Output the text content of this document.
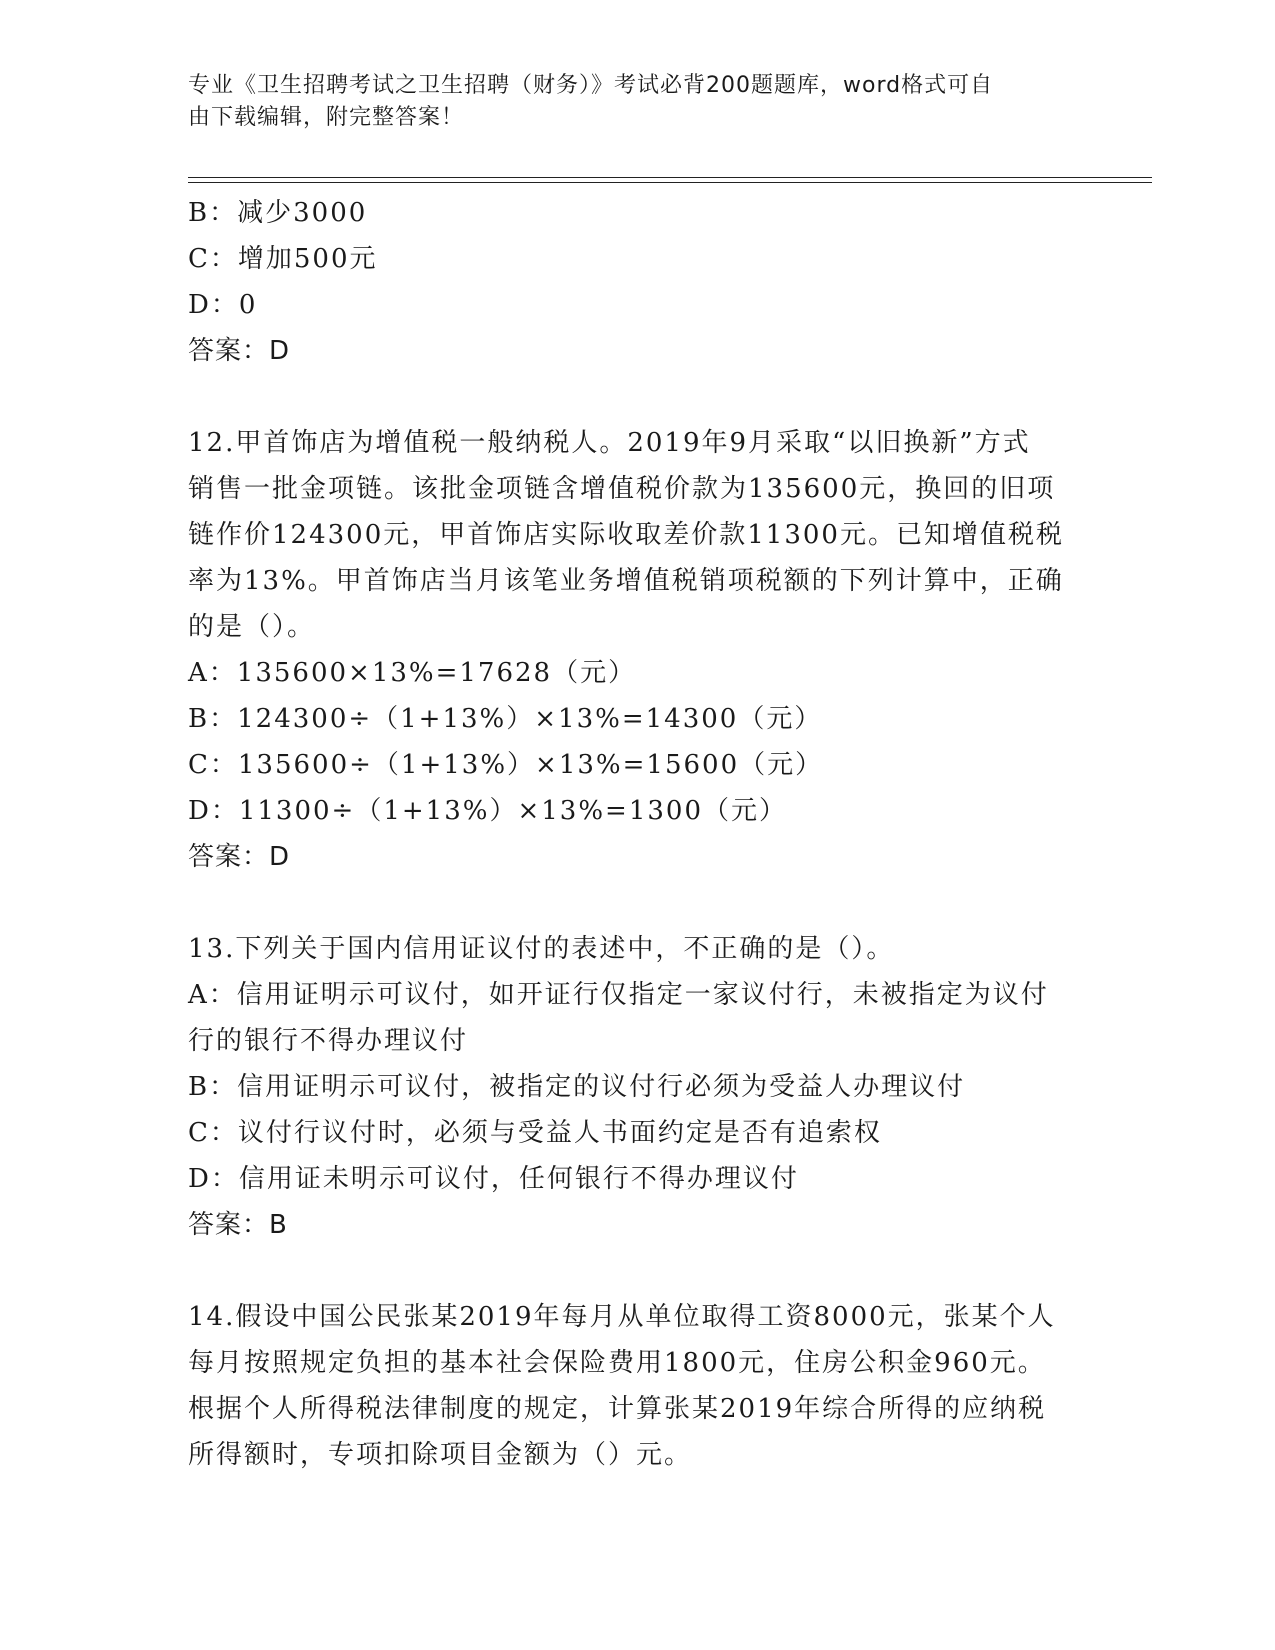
专业《卫生招聘考试之卫生招聘（财务）》考试必背200题题库，word格式可自
由下载编辑，附完整答案！
B：减少3000
C：增加500元
D：0
答案：D
12.甲首饰店为增值税一般纳税人。2019年9月采取“以旧换新”方式
销售一批金项链。该批金项链含增值税价款为135600元，换回的旧项
链作价124300元，甲首饰店实际收取差价款11300元。已知增值税税
率为13%。甲首饰店当月该笔业务增值税销项税额的下列计算中，正确
的是（）。
A：135600×13%=17628（元）
B：124300÷（1+13%）×13%=14300（元）
C：135600÷（1+13%）×13%=15600（元）
D：11300÷（1+13%）×13%=1300（元）
答案：D
13.下列关于国内信用证议付的表述中，不正确的是（）。
A：信用证明示可议付，如开证行仅指定一家议付行，未被指定为议付
行的银行不得办理议付
B：信用证明示可议付，被指定的议付行必须为受益人办理议付
C：议付行议付时，必须与受益人书面约定是否有追索权
D：信用证未明示可议付，任何银行不得办理议付
答案：B
14.假设中国公民张某2019年每月从单位取得工资8000元，张某个人
每月按照规定负担的基本社会保险费用1800元，住房公积金960元。
根据个人所得税法律制度的规定，计算张某2019年综合所得的应纳税
所得额时，专项扣除项目金额为（）元。
